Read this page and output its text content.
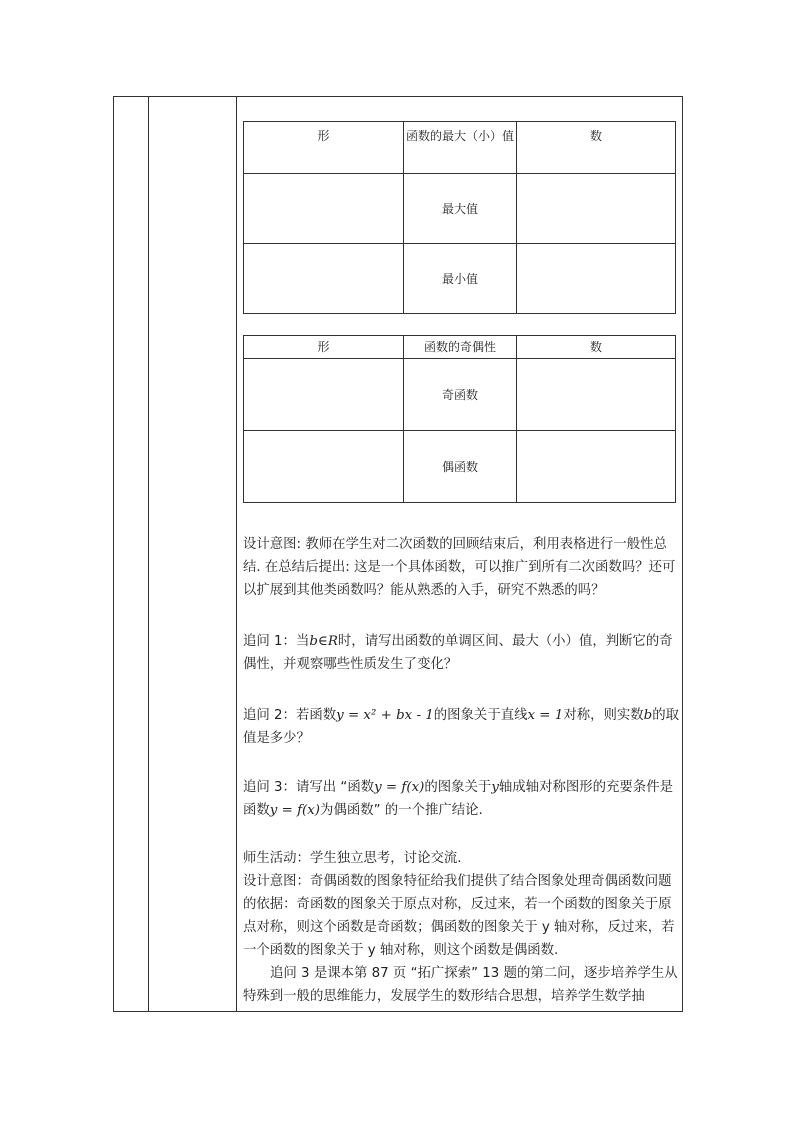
形	函数的最大（小）值	数
	最大值	
	最小值	
形	函数的奇偶性	数
	奇函数	
	偶函数	

设计意图: 教师在学生对二次函数的回顾结束后，利用表格进行一般性总结. 在总结后提出: 这是一个具体函数，可以推广到所有二次函数吗？还可以扩展到其他类函数吗？能从熟悉的入手，研究不熟悉的吗？

追问 1：当b∈R时，请写出函数的单调区间、最大（小）值，判断它的奇偶性，并观察哪些性质发生了变化？

追问 2：若函数y = x² + bx - 1的图象关于直线x = 1对称，则实数b的取值是多少？

追问 3：请写出 “函数y = f(x)的图象关于y轴成轴对称图形的充要条件是函数y = f(x)为偶函数” 的一个推广结论.

师生活动：学生独立思考，讨论交流.

设计意图：奇偶函数的图象特征给我们提供了结合图象处理奇偶函数问题的依据：奇函数的图象关于原点对称，反过来，若一个函数的图象关于原点对称，则这个函数是奇函数；偶函数的图象关于 y 轴对称，反过来，若一个函数的图象关于 y 轴对称，则这个函数是偶函数.

追问 3 是课本第 87 页 “拓广探索” 13 题的第二问，逐步培养学生从特殊到一般的思维能力，发展学生的数形结合思想，培养学生数学抽
